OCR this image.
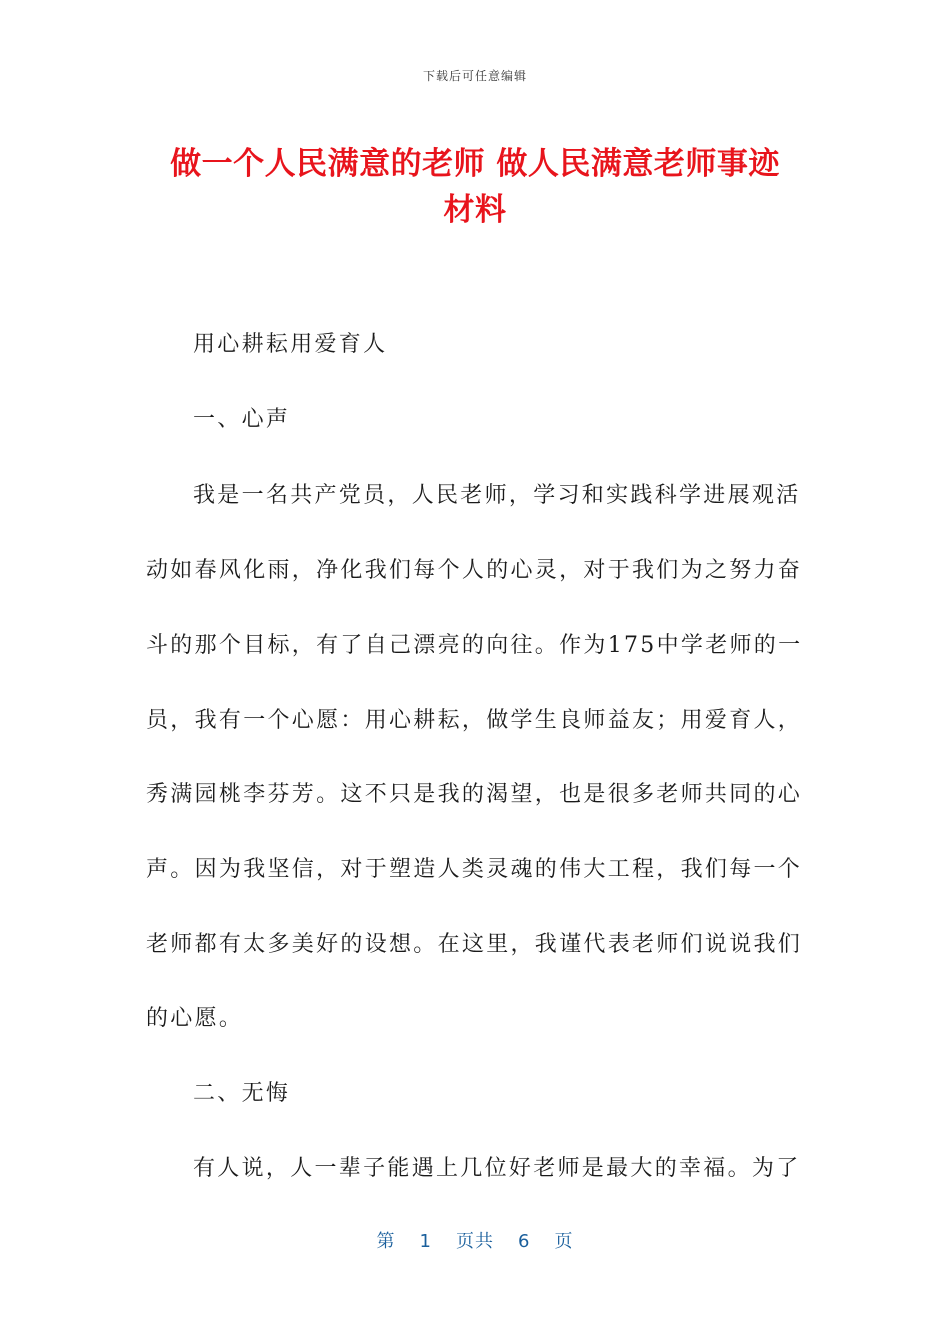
下载后可任意编辑
做一个人民满意的老师 做人民满意老师事迹
材料
用心耕耘用爱育人
一、心声
我是一名共产党员，人民老师，学习和实践科学进展观活
动如春风化雨，净化我们每个人的心灵，对于我们为之努力奋
斗的那个目标，有了自己漂亮的向往。作为175中学老师的一
员，我有一个心愿：用心耕耘，做学生良师益友；用爱育人，
秀满园桃李芬芳。这不只是我的渴望，也是很多老师共同的心
声。因为我坚信，对于塑造人类灵魂的伟大工程，我们每一个
老师都有太多美好的设想。在这里，我谨代表老师们说说我们
的心愿。
二、无悔
有人说，人一辈子能遇上几位好老师是最大的幸福。为了
第 1 页共 6 页
